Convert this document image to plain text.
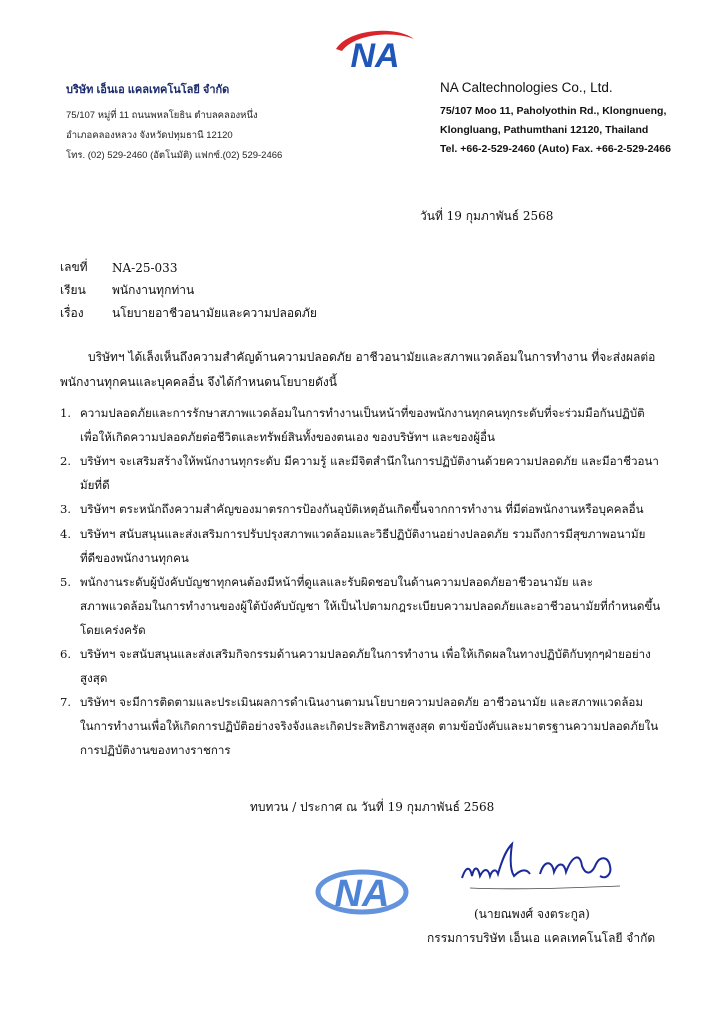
NA
บริษัท เอ็นเอ แคลเทคโนโลยี จำกัด
75/107 หมู่ที่ 11 ถนนพหลโยธิน ตำบลคลองหนึ่ง
อำเภอคลองหลวง จังหวัดปทุมธานี 12120
โทร. (02) 529-2460 (อัตโนมัติ) แฟกซ์.(02) 529-2466
NA Caltechnologies Co., Ltd.
75/107 Moo 11, Paholyothin Rd., Klongnueng,
Klongluang, Pathumthani 12120, Thailand
Tel. +66-2-529-2460 (Auto) Fax. +66-2-529-2466
วันที่ 19 กุมภาพันธ์ 2568
เลขที่	NA-25-033
เรียน	พนักงานทุกท่าน
เรื่อง	นโยบายอาชีวอนามัยและความปลอดภัย
บริษัทฯ ได้เล็งเห็นถึงความสำคัญด้านความปลอดภัย อาชีวอนามัยและสภาพแวดล้อมในการทำงาน ที่จะส่งผลต่อ
พนักงานทุกคนและบุคคลอื่น จึงได้กำหนดนโยบายดังนี้
1. ความปลอดภัยและการรักษาสภาพแวดล้อมในการทำงานเป็นหน้าที่ของพนักงานทุกคนทุกระดับที่จะร่วมมือกันปฏิบัติ
เพื่อให้เกิดความปลอดภัยต่อชีวิตและทรัพย์สินทั้งของตนเอง ของบริษัทฯ และของผู้อื่น
2. บริษัทฯ จะเสริมสร้างให้พนักงานทุกระดับ มีความรู้ และมีจิตสำนึกในการปฏิบัติงานด้วยความปลอดภัย และมีอาชีวอนา
มัยที่ดี
3. บริษัทฯ ตระหนักถึงความสำคัญของมาตรการป้องกันอุบัติเหตุอันเกิดขึ้นจากการทำงาน ที่มีต่อพนักงานหรือบุคคลอื่น
4. บริษัทฯ สนับสนุนและส่งเสริมการปรับปรุงสภาพแวดล้อมและวิธีปฏิบัติงานอย่างปลอดภัย รวมถึงการมีสุขภาพอนามัย
ที่ดีของพนักงานทุกคน
5. พนักงานระดับผู้บังคับบัญชาทุกคนต้องมีหน้าที่ดูแลและรับผิดชอบในด้านความปลอดภัยอาชีวอนามัย และ
สภาพแวดล้อมในการทำงานของผู้ใต้บังคับบัญชา ให้เป็นไปตามกฎระเบียบความปลอดภัยและอาชีวอนามัยที่กำหนดขึ้น
โดยเคร่งครัด
6. บริษัทฯ จะสนับสนุนและส่งเสริมกิจกรรมด้านความปลอดภัยในการทำงาน เพื่อให้เกิดผลในทางปฏิบัติกับทุกๆฝ่ายอย่าง
สูงสุด
7. บริษัทฯ จะมีการติดตามและประเมินผลการดำเนินงานตามนโยบายความปลอดภัย อาชีวอนามัย และสภาพแวดล้อม
ในการทำงานเพื่อให้เกิดการปฏิบัติอย่างจริงจังและเกิดประสิทธิภาพสูงสุด ตามข้อบังคับและมาตรฐานความปลอดภัยใน
การปฏิบัติงานของทางราชการ
ทบทวน / ประกาศ ณ วันที่ 19 กุมภาพันธ์ 2568
NA	(นายณพงศ์ จงตระกูล)
กรรมการบริษัท เอ็นเอ แคลเทคโนโลยี จำกัด
